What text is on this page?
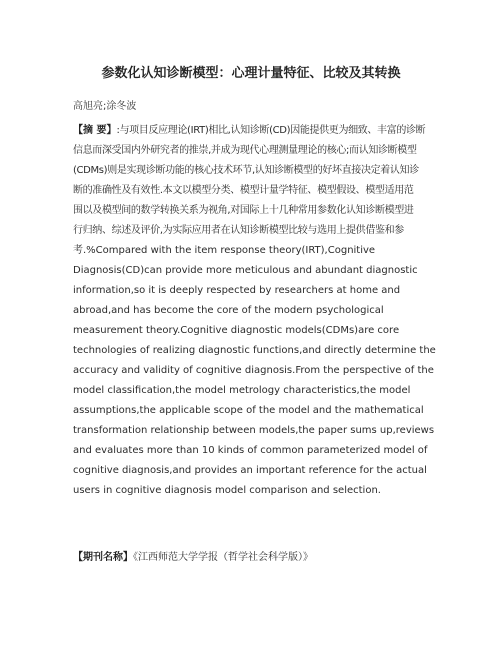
参数化认知诊断模型：心理计量特征、比较及其转换
高旭亮;涂冬波
【摘 要】:与项目反应理论(IRT)相比,认知诊断(CD)因能提供更为细致、丰富的诊断
信息而深受国内外研究者的推崇,并成为现代心理测量理论的核心;而认知诊断模型
(CDMs)则是实现诊断功能的核心技术环节,认知诊断模型的好坏直接决定着认知诊
断的准确性及有效性.本文以模型分类、模型计量学特征、模型假设、模型适用范
围以及模型间的数学转换关系为视角,对国际上十几种常用参数化认知诊断模型进
行归纳、综述及评价,为实际应用者在认知诊断模型比较与选用上提供借鉴和参
考.%Compared with the item response theory(IRT),Cognitive
Diagnosis(CD)can provide more meticulous and abundant diagnostic
information,so it is deeply respected by researchers at home and
abroad,and has become the core of the modern psychological
measurement theory.Cognitive diagnostic models(CDMs)are core
technologies of realizing diagnostic functions,and directly determine the
accuracy and validity of cognitive diagnosis.From the perspective of the
model classification,the model metrology characteristics,the model
assumptions,the applicable scope of the model and the mathematical
transformation relationship between models,the paper sums up,reviews
and evaluates more than 10 kinds of common parameterized model of
cognitive diagnosis,and provides an important reference for the actual
users in cognitive diagnosis model comparison and selection.
【期刊名称】《江西师范大学学报（哲学社会科学版）》
